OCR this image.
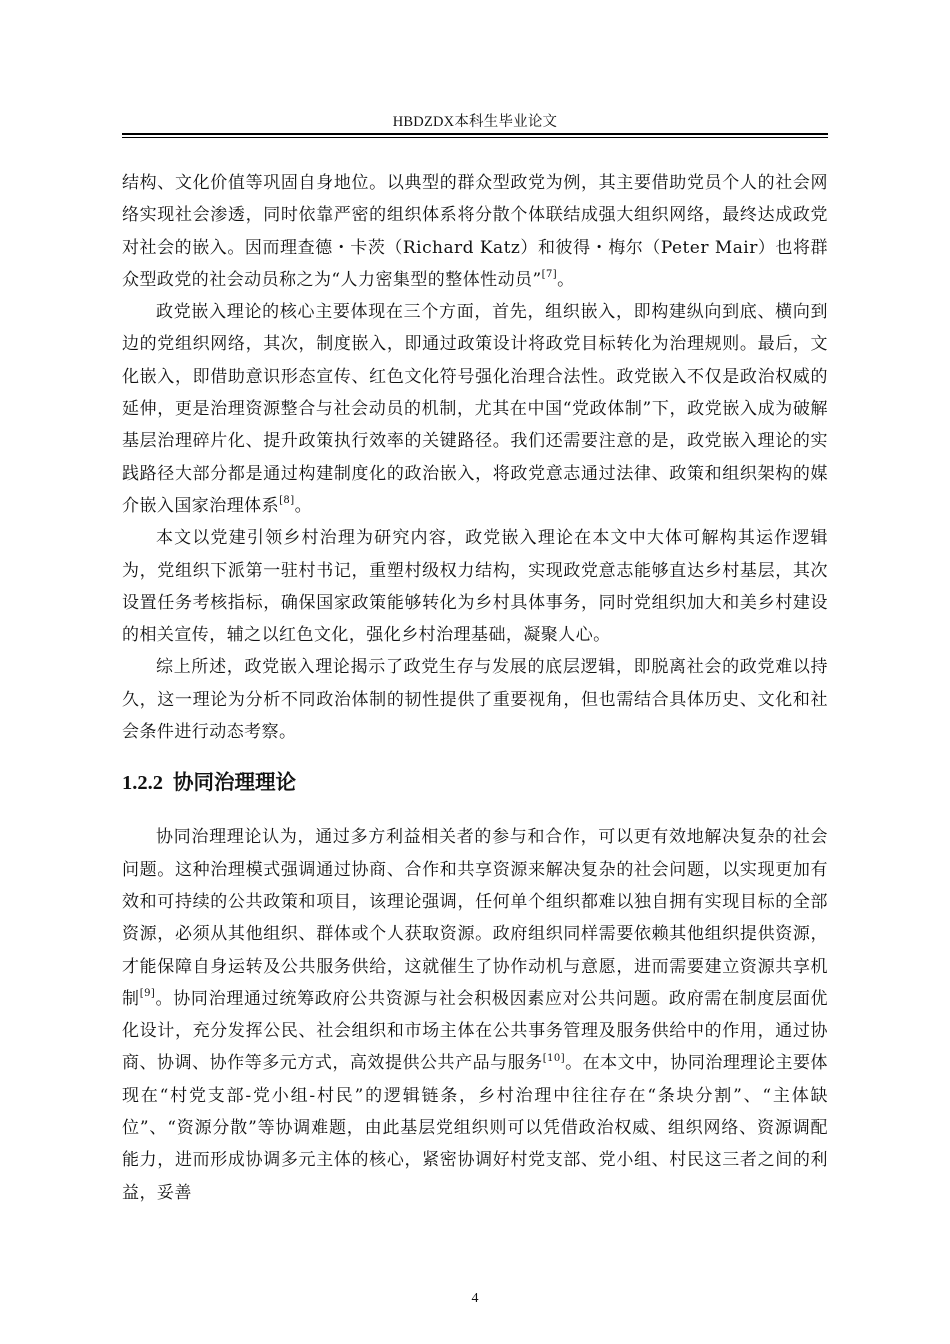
HBDZDX本科生毕业论文

结构、文化价值等巩固自身地位。以典型的群众型政党为例，其主要借助党员个人的社会网络实现社会渗透，同时依靠严密的组织体系将分散个体联结成强大组织网络，最终达成政党对社会的嵌入。因而理查德・卡茨（Richard Katz）和彼得・梅尔（Peter Mair）也将群众型政党的社会动员称之为“人力密集型的整体性动员”[7]。

政党嵌入理论的核心主要体现在三个方面，首先，组织嵌入，即构建纵向到底、横向到边的党组织网络，其次，制度嵌入，即通过政策设计将政党目标转化为治理规则。最后，文化嵌入，即借助意识形态宣传、红色文化符号强化治理合法性。政党嵌入不仅是政治权威的延伸，更是治理资源整合与社会动员的机制，尤其在中国“党政体制”下，政党嵌入成为破解基层治理碎片化、提升政策执行效率的关键路径。我们还需要注意的是，政党嵌入理论的实践路径大部分都是通过构建制度化的政治嵌入，将政党意志通过法律、政策和组织架构的媒介嵌入国家治理体系[8]。

本文以党建引领乡村治理为研究内容，政党嵌入理论在本文中大体可解构其运作逻辑为，党组织下派第一驻村书记，重塑村级权力结构，实现政党意志能够直达乡村基层，其次设置任务考核指标，确保国家政策能够转化为乡村具体事务，同时党组织加大和美乡村建设的相关宣传，辅之以红色文化，强化乡村治理基础，凝聚人心。

综上所述，政党嵌入理论揭示了政党生存与发展的底层逻辑，即脱离社会的政党难以持久，这一理论为分析不同政治体制的韧性提供了重要视角，但也需结合具体历史、文化和社会条件进行动态考察。

1.2.2 协同治理理论

协同治理理论认为，通过多方利益相关者的参与和合作，可以更有效地解决复杂的社会问题。这种治理模式强调通过协商、合作和共享资源来解决复杂的社会问题，以实现更加有效和可持续的公共政策和项目，该理论强调，任何单个组织都难以独自拥有实现目标的全部资源，必须从其他组织、群体或个人获取资源。政府组织同样需要依赖其他组织提供资源，才能保障自身运转及公共服务供给，这就催生了协作动机与意愿，进而需要建立资源共享机制[9]。协同治理通过统筹政府公共资源与社会积极因素应对公共问题。政府需在制度层面优化设计，充分发挥公民、社会组织和市场主体在公共事务管理及服务供给中的作用，通过协商、协调、协作等多元方式，高效提供公共产品与服务[10]。在本文中，协同治理理论主要体现在“村党支部-党小组-村民”的逻辑链条，乡村治理中往往存在“条块分割”、“主体缺位”、“资源分散”等协调难题，由此基层党组织则可以凭借政治权威、组织网络、资源调配能力，进而形成协调多元主体的核心，紧密协调好村党支部、党小组、村民这三者之间的利益，妥善

4
